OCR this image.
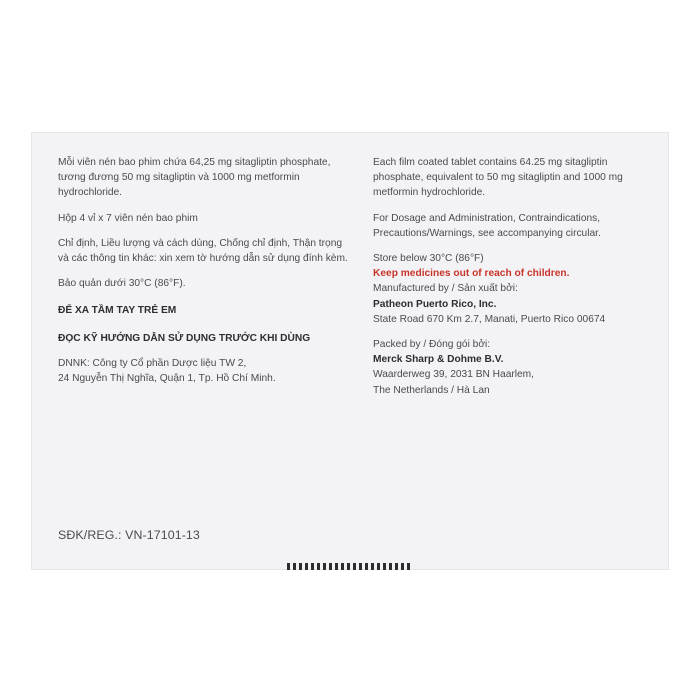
Mỗi viên nén bao phim chứa 64,25 mg sitagliptin phosphate,
tương đương 50 mg sitagliptin và 1000 mg metformin
hydrochloride.

Hộp 4 vỉ x 7 viên nén bao phim

Chỉ định, Liều lượng và cách dùng, Chống chỉ định, Thận trọng
và các thông tin khác: xin xem tờ hướng dẫn sử dụng đính kèm.

Bảo quản dưới 30°C (86°F).

ĐỂ XA TẦM TAY TRẺ EM

ĐỌC KỸ HƯỚNG DẪN SỬ DỤNG TRƯỚC KHI DÙNG

DNNK: Công ty Cổ phần Dược liệu TW 2,
24 Nguyễn Thị Nghĩa, Quận 1, Tp. Hồ Chí Minh.

Each film coated tablet contains 64.25 mg sitagliptin
phosphate, equivalent to 50 mg sitagliptin and 1000 mg
metformin hydrochloride.

For Dosage and Administration, Contraindications,
Precautions/Warnings, see accompanying circular.

Store below 30°C (86°F)
Keep medicines out of reach of children.
Manufactured by / Sản xuất bởi:
Patheon Puerto Rico, Inc.
State Road 670 Km 2.7, Manati, Puerto Rico 00674
Packed by / Đóng gói bởi:
Merck Sharp & Dohme B.V.
Waarderweg 39, 2031 BN Haarlem,
The Netherlands / Hà Lan
SĐK/REG.: VN-17101-13
